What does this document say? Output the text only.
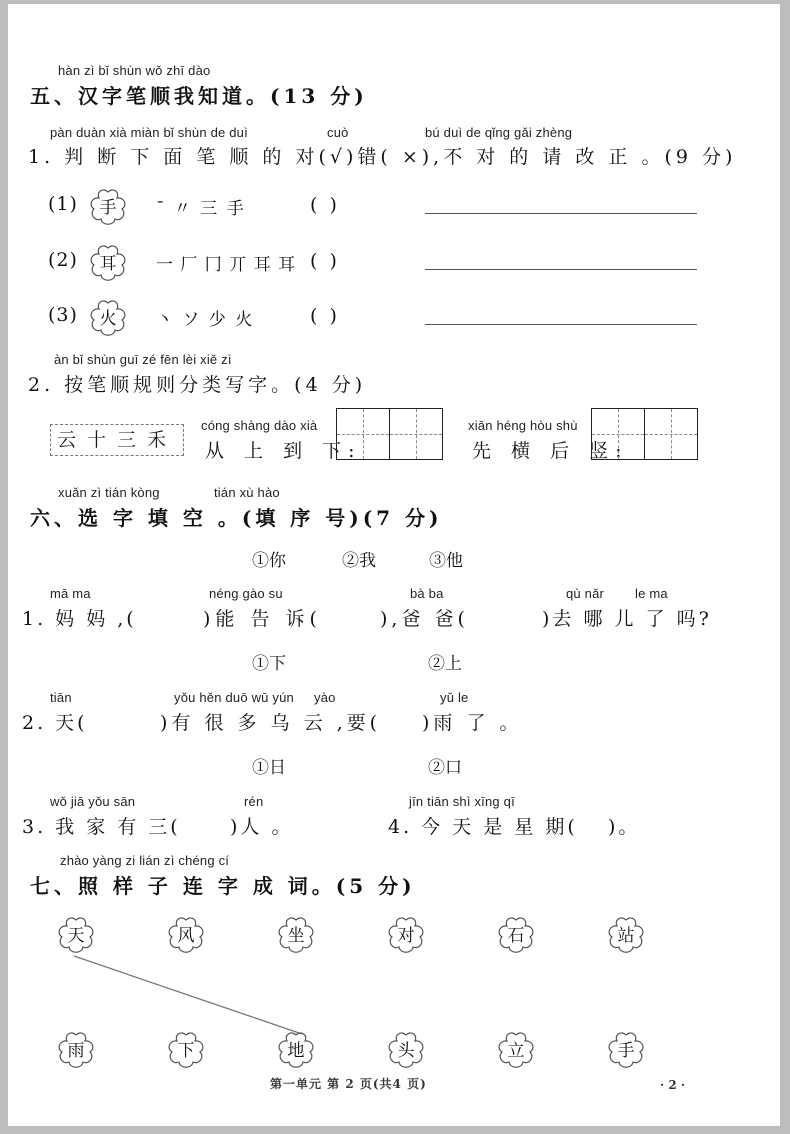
hàn zì bǐ shùn wǒ zhī dào
五、汉字笔顺我知道。(13 分)
pàn duàn xià miàn bǐ shùn de duì	cuò	bú duì de qǐng gǎi zhèng
1. 判 断 下 面 笔 顺 的 对(√)错( ×),不 对 的 请 改 正 。(9 分)
(1)	手	ˉ 〃 三 手	( )
(2)	耳	一 厂 冂 丌 耳 耳 ( )
(3)	火	丶 ソ 少 火	( )
àn bǐ shùn guī zé fēn lèi xiě zì
2. 按笔顺规则分类写字。(4 分)
云十三禾
cóng shàng dào xià
从 上 到 下:
xiān héng hòu shù
先 横 后 竖:
xuǎn zì tián kòng	tián xù hào
六、选 字 填 空 。(填 序 号)(7 分)
①你	②我	③他
mā ma	néng gào su	bà ba	qù nǎr le ma
1. 妈 妈 ,(	)能 告 诉(	),爸 爸(	)去 哪 儿 了 吗?
①下	②上
tiān	yǒu hěn duō wū yún yào	yǔ le
2. 天(	)有 很 多 乌 云 ,要( )雨 了 。
①日	②口
wǒ jiā yǒu sān	rén
3. 我 家 有 三(	)人 。
jīn tiān shì xīng qī
4. 今 天 是 星 期( )。
zhào yàng zi lián zì chéng cí
七、照 样 子 连 字 成 词。(5 分)
天	风	坐	对	石	站
雨	下	地	头	立	手
第一单元 第 2 页(共4 页)	· 2 ·
